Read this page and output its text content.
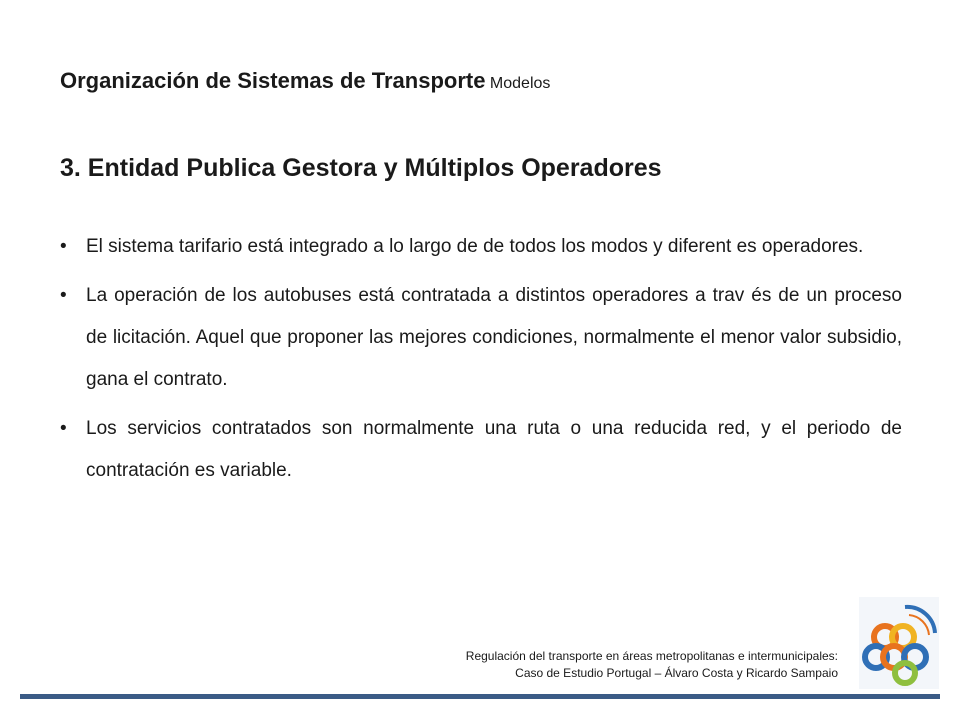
Organización de Sistemas de Transporte Modelos
3. Entidad Publica Gestora y Múltiplos Operadores
• El sistema tarifario está integrado a lo largo de de todos los modos y diferent es operadores.
• La operación de los autobuses está contratada a distintos operadores a trav és de un proceso de licitación. Aquel que proponer las mejores condiciones, normalmente el menor valor subsidio, gana el contrato.
• Los servicios contratados son normalmente una ruta o una reducida red, y el periodo de contratación es variable.
Regulación del transporte en áreas metropolitanas e intermunicipales:
Caso de Estudio Portugal – Álvaro Costa y Ricardo Sampaio
